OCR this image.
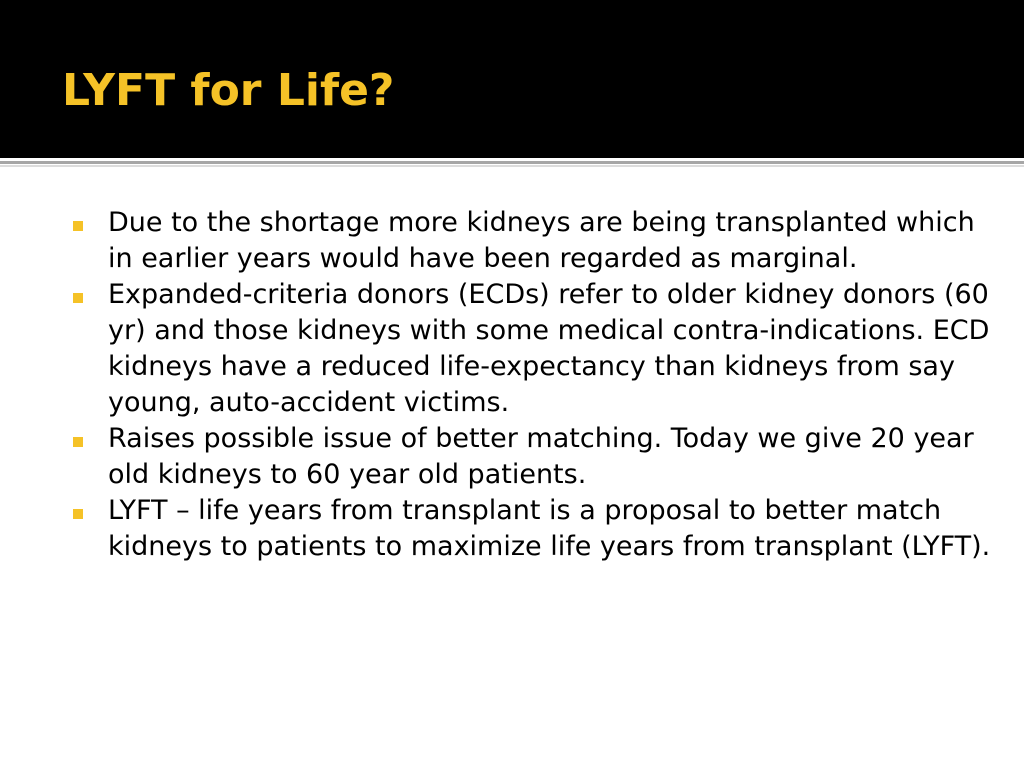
LYFT for Life?
Due to the shortage more kidneys are being transplanted which in earlier years would have been regarded as marginal.
Expanded-criteria donors (ECDs) refer to older kidney donors (60 yr) and those kidneys with some medical contra-indications. ECD kidneys have a reduced life-expectancy than kidneys from say young, auto-accident victims.
Raises possible issue of better matching. Today we give 20 year old kidneys to 60 year old patients.
LYFT – life years from transplant is a proposal to better match kidneys to patients to maximize life years from transplant (LYFT).
